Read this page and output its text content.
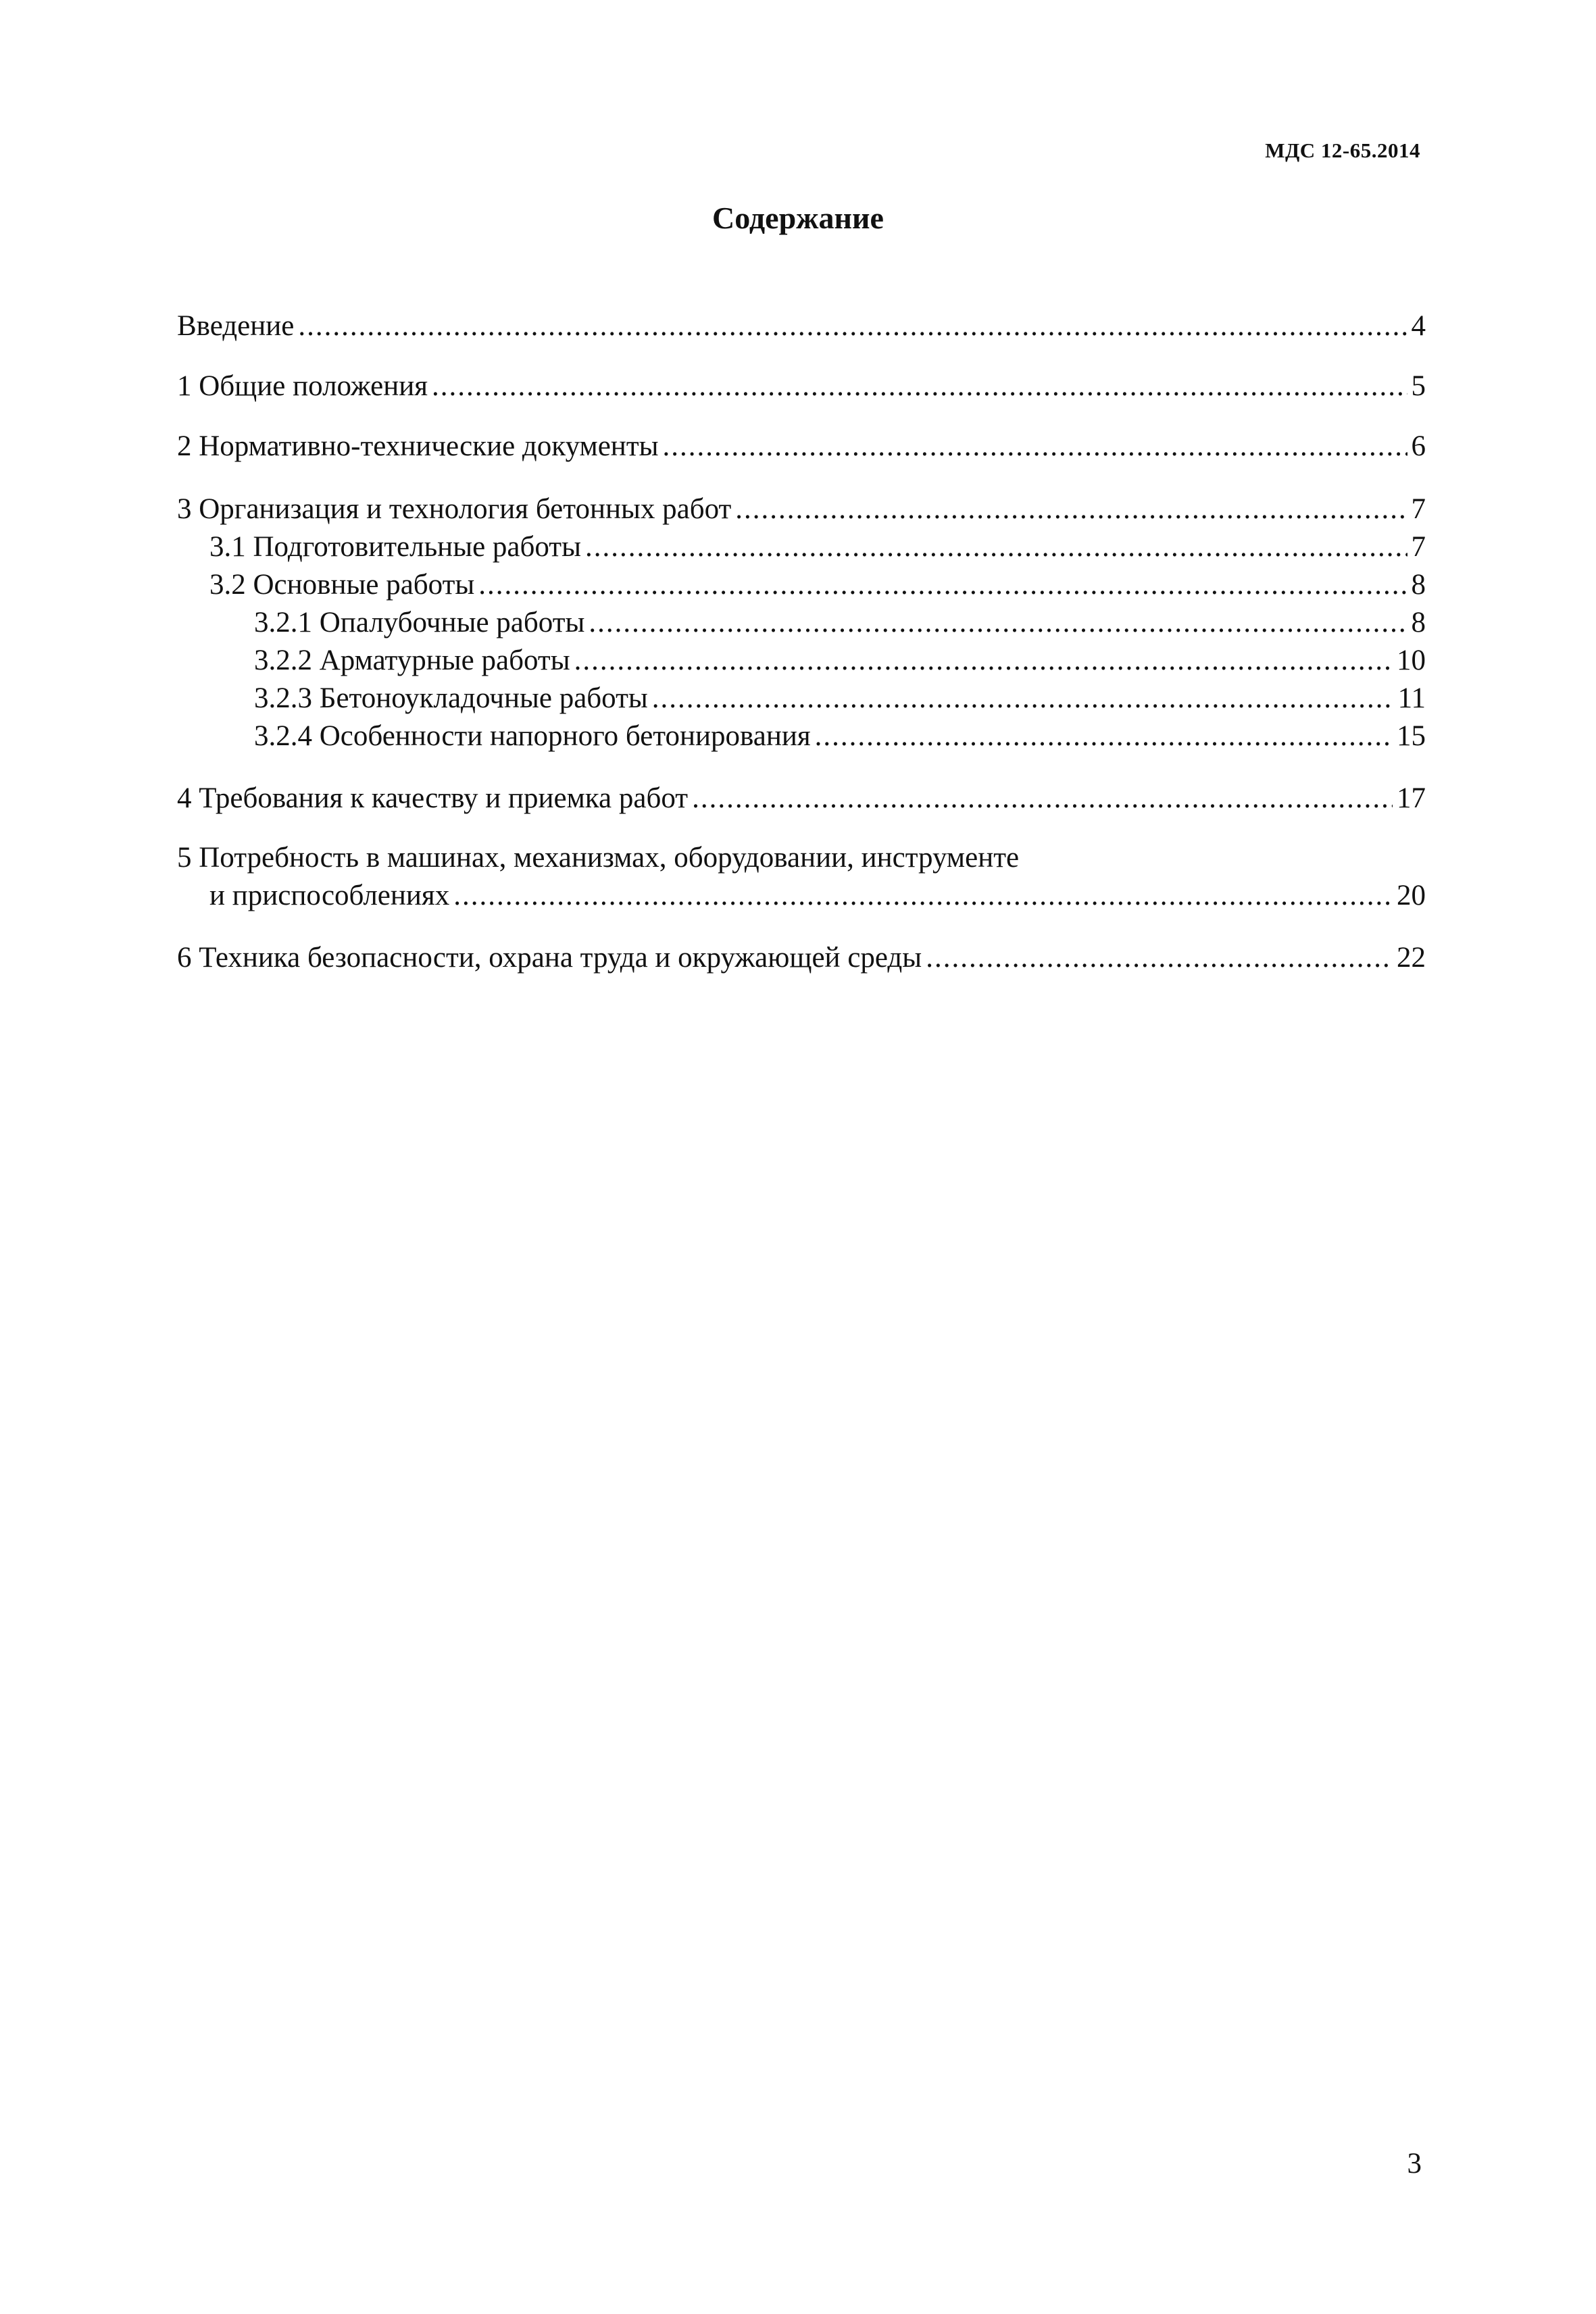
МДС 12-65.2014
Содержание
Введение .....	4
1 Общие положения .....	5
2 Нормативно-технические документы .....	6
3 Организация и технология бетонных работ .....	7
3.1 Подготовительные работы .....	7
3.2 Основные работы .....	8
3.2.1 Опалубочные работы .....	8
3.2.2 Арматурные работы .....	10
3.2.3 Бетоноукладочные работы .....	11
3.2.4 Особенности напорного бетонирования .....	15
4 Требования к качеству и приемка работ .....	17
5 Потребность в машинах, механизмах, оборудовании, инструменте
и приспособлениях .....	20
6 Техника безопасности, охрана труда и окружающей среды .....	22
3
